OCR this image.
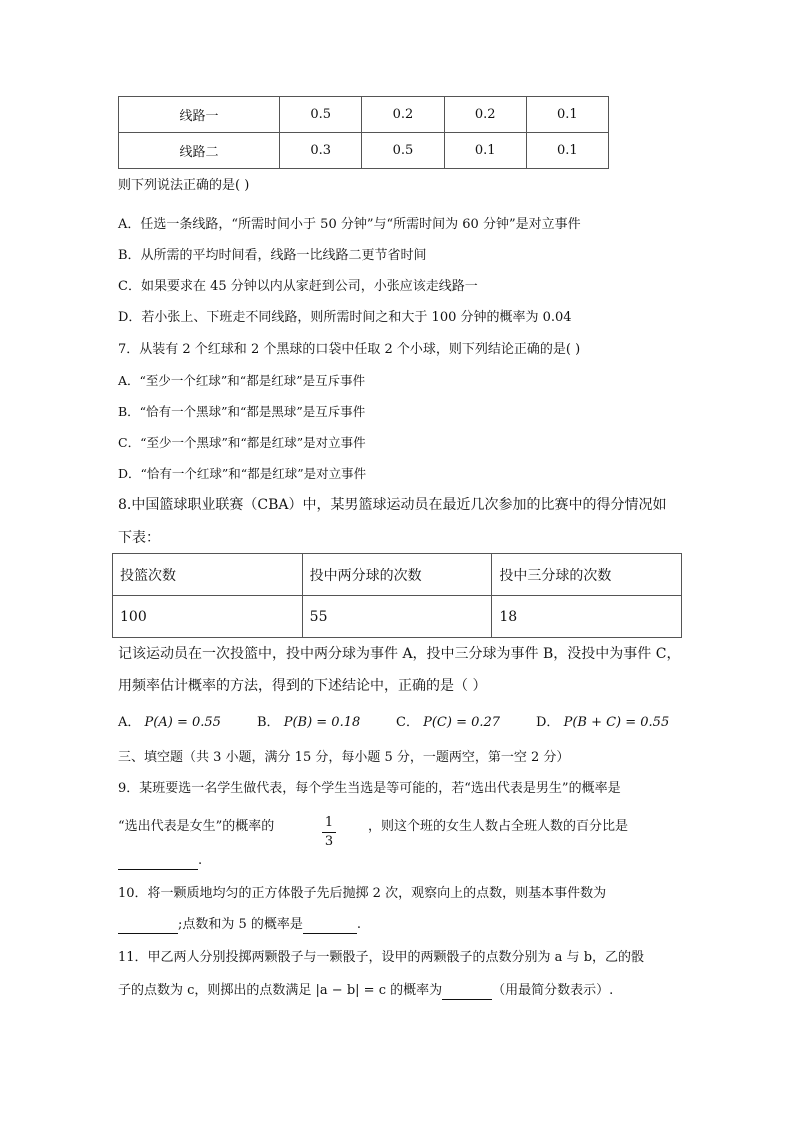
线路一	0.5	0.2	0.2	0.1
线路二	0.3	0.5	0.1	0.1
则下列说法正确的是( )
A．任选一条线路，“所需时间小于 50 分钟”与“所需时间为 60 分钟”是对立事件
B．从所需的平均时间看，线路一比线路二更节省时间
C．如果要求在 45 分钟以内从家赶到公司，小张应该走线路一
D．若小张上、下班走不同线路，则所需时间之和大于 100 分钟的概率为 0.04
7．从装有 2 个红球和 2 个黑球的口袋中任取 2 个小球，则下列结论正确的是( )
A．“至少一个红球”和“都是红球”是互斥事件
B．“恰有一个黑球”和“都是黑球”是互斥事件
C．“至少一个黑球”和“都是红球”是对立事件
D．“恰有一个红球”和“都是红球”是对立事件
8.中国篮球职业联赛（CBA）中，某男篮球运动员在最近几次参加的比赛中的得分情况如
下表：
投篮次数	投中两分球的次数	投中三分球的次数
100	55	18
记该运动员在一次投篮中，投中两分球为事件 A，投中三分球为事件 B，没投中为事件 C，
用频率估计概率的方法，得到的下述结论中，正确的是（ ）
A． P(A) = 0.55	B． P(B) = 0.18	C． P(C) = 0.27	D． P(B + C) = 0.55
三、填空题（共 3 小题，满分 15 分，每小题 5 分，一题两空，第一空 2 分）
9．某班要选一名学生做代表，每个学生当选是等可能的，若“选出代表是男生”的概率是
“选出代表是女生”的概率的	1
3
，则这个班的女生人数占全班人数的百分比是
.
10．将一颗质地均匀的正方体骰子先后抛掷 2 次，观察向上的点数，则基本事件数为
;点数和为 5 的概率是	.
11．甲乙两人分别投掷两颗骰子与一颗骰子，设甲的两颗骰子的点数分别为 a 与 b，乙的骰
子的点数为 c，则掷出的点数满足 |a − b| = c 的概率为	（用最简分数表示）.
